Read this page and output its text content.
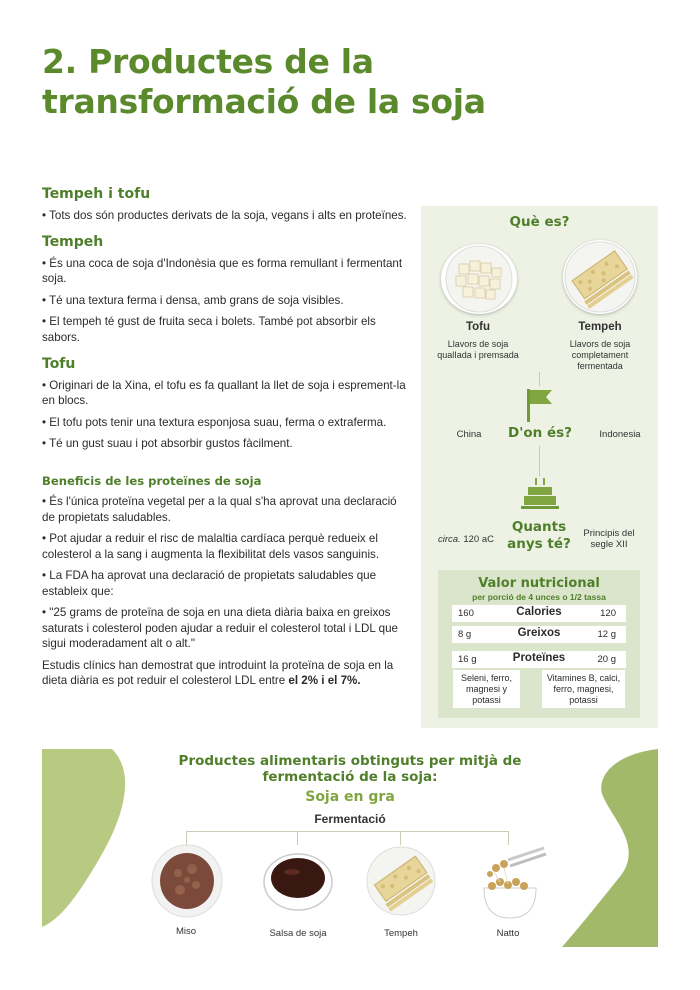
2. Productes de la transformació de la soja
Tempeh i tofu

• Tots dos són productes derivats de la soja, vegans i alts en proteïnes.

Tempeh

• És una coca de soja d'Indonèsia que es forma remullant i fermentant soja.

• Té una textura ferma i densa, amb grans de soja visibles.

• El tempeh té gust de fruita seca i bolets. També pot absorbir els sabors.

Tofu

• Originari de la Xina, el tofu es fa quallant la llet de soja i esprement-la en blocs.

• El tofu pots tenir una textura esponjosa suau, ferma o extraferma.

• Té un gust suau i pot absorbir gustos fàcilment.

Beneficis de les proteïnes de soja

• És l'única proteïna vegetal per a la qual s'ha aprovat una declaració de propietats saludables.

• Pot ajudar a reduir el risc de malaltia cardíaca perquè redueix el colesterol a la sang i augmenta la flexibilitat dels vasos sanguinis.

• La FDA ha aprovat una declaració de propietats saludables que estableix que:

• "25 grams de proteïna de soja en una dieta diària baixa en greixos saturats i colesterol poden ajudar a reduir el colesterol total i LDL que sigui moderadament alt o alt."

Estudis clínics han demostrat que introduint la proteïna de soja en la dieta diària es pot reduir el colesterol LDL entre el 2% i el 7%.

Què es?
Tofu
Llavors de soja qualIada i premsada
Tempeh
Llavors de soja completament fermentada
D'on és?
China	Indonesia
Quants anys té?
circa. 120 aC
Principis del segle XII
Valor nutricional
per porció de 4 unces o 1/2 tassa
160	Calories	120
8 g	Greixos	12 g
16 g	Proteïnes	20 g
Seleni, ferro, magnesi y potassi
Vitamines B, calci, ferro, magnesi, potassi
Productes alimentaris obtinguts per mitjà de fermentació de la soja:
Soja en gra
Fermentació
Miso	Salsa de soja	Tempeh	Natto
